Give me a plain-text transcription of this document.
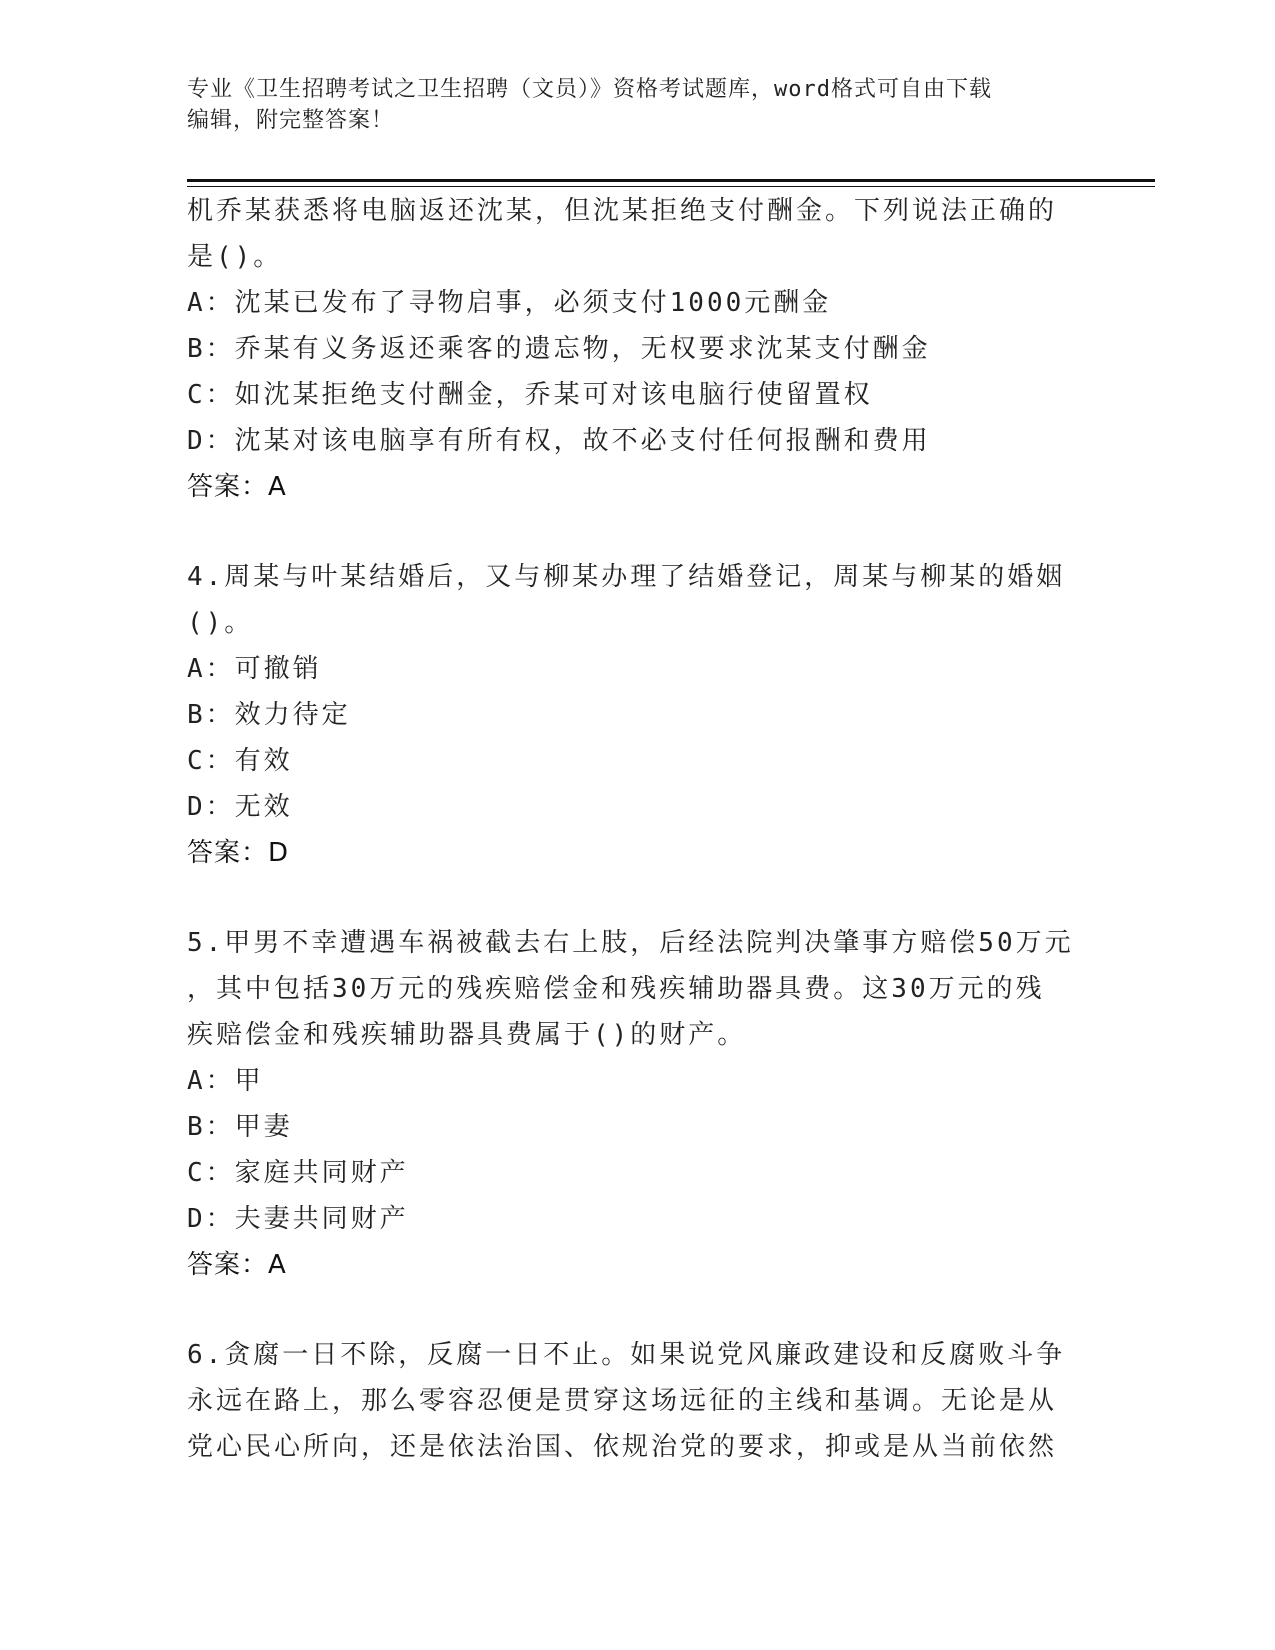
专业《卫生招聘考试之卫生招聘（文员）》资格考试题库，word格式可自由下载
编辑，附完整答案！
机乔某获悉将电脑返还沈某，但沈某拒绝支付酬金。下列说法正确的
是()。
A：沈某已发布了寻物启事，必须支付1000元酬金
B：乔某有义务返还乘客的遗忘物，无权要求沈某支付酬金
C：如沈某拒绝支付酬金，乔某可对该电脑行使留置权
D：沈某对该电脑享有所有权，故不必支付任何报酬和费用
答案：A
4.周某与叶某结婚后，又与柳某办理了结婚登记，周某与柳某的婚姻
()。
A：可撤销
B：效力待定
C：有效
D：无效
答案：D
5.甲男不幸遭遇车祸被截去右上肢，后经法院判决肇事方赔偿50万元
，其中包括30万元的残疾赔偿金和残疾辅助器具费。这30万元的残
疾赔偿金和残疾辅助器具费属于()的财产。
A：甲
B：甲妻
C：家庭共同财产
D：夫妻共同财产
答案：A
6.贪腐一日不除，反腐一日不止。如果说党风廉政建设和反腐败斗争
永远在路上，那么零容忍便是贯穿这场远征的主线和基调。无论是从
党心民心所向，还是依法治国、依规治党的要求，抑或是从当前依然
